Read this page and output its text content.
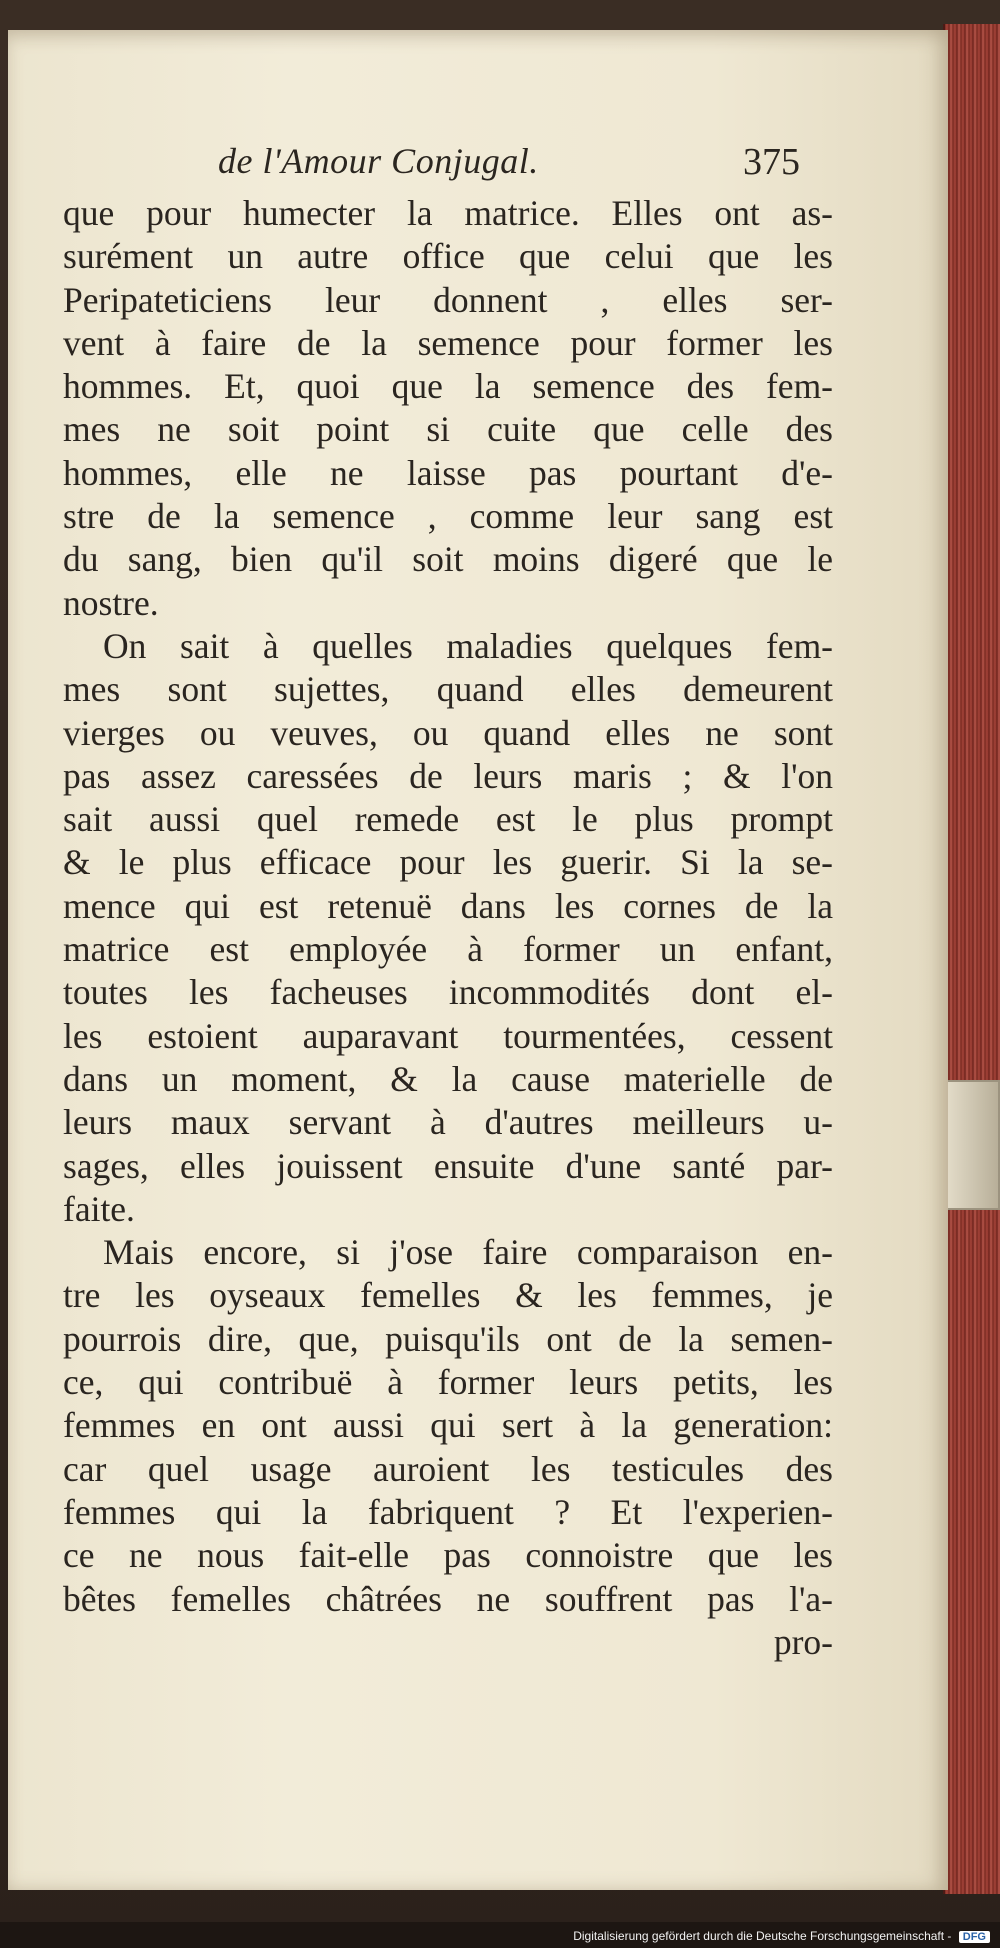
de l'Amour Conjugal.	375
que pour humecter la matrice. Elles ont as-
surément un autre office que celui que les
Peripateticiens leur donnent , elles ser-
vent à faire de la semence pour former les
hommes. Et, quoi que la semence des fem-
mes ne soit point si cuite que celle des
hommes, elle ne laisse pas pourtant d'e-
stre de la semence , comme leur sang est
du sang, bien qu'il soit moins digeré que le
nostre.
On sait à quelles maladies quelques fem-
mes sont sujettes, quand elles demeurent
vierges ou veuves, ou quand elles ne sont
pas assez caressées de leurs maris ; & l'on
sait aussi quel remede est le plus prompt
& le plus efficace pour les guerir. Si la se-
mence qui est retenuë dans les cornes de la
matrice est employée à former un enfant,
toutes les facheuses incommodités dont el-
les estoient auparavant tourmentées, cessent
dans un moment, & la cause materielle de
leurs maux servant à d'autres meilleurs u-
sages, elles jouissent ensuite d'une santé par-
faite.
Mais encore, si j'ose faire comparaison en-
tre les oyseaux femelles & les femmes, je
pourrois dire, que, puisqu'ils ont de la semen-
ce, qui contribuë à former leurs petits, les
femmes en ont aussi qui sert à la generation:
car quel usage auroient les testicules des
femmes qui la fabriquent ? Et l'experien-
ce ne nous fait-elle pas connoistre que les
bêtes femelles châtrées ne souffrent pas l'a-
pro-
Digitalisierung gefördert durch die Deutsche Forschungsgemeinschaft - DFG
